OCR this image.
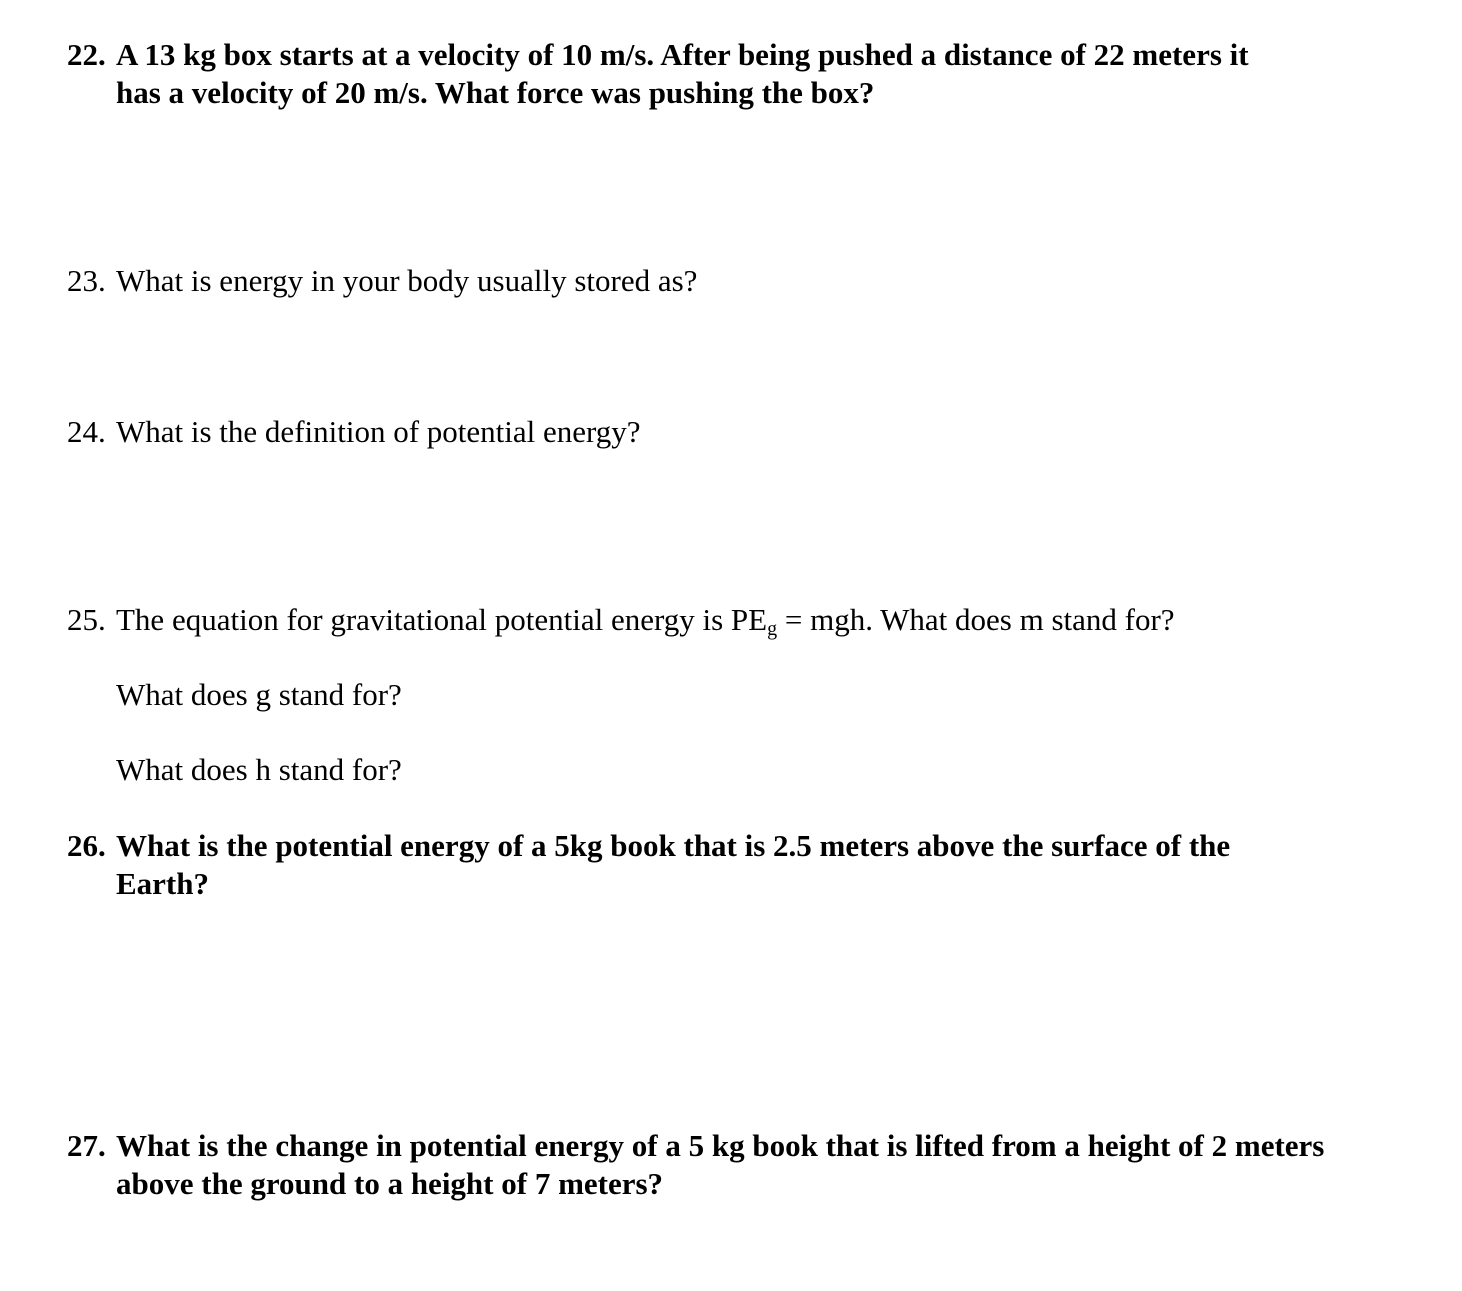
22. A 13 kg box starts at a velocity of 10 m/s. After being pushed a distance of 22 meters it has a velocity of 20 m/s. What force was pushing the box?
23. What is energy in your body usually stored as?
24. What is the definition of potential energy?
25. The equation for gravitational potential energy is $PE_g$ = mgh. What does m stand for?
What does g stand for?
What does h stand for?
26. What is the potential energy of a 5kg book that is 2.5 meters above the surface of the Earth?
27. What is the change in potential energy of a 5 kg book that is lifted from a height of 2 meters above the ground to a height of 7 meters?
